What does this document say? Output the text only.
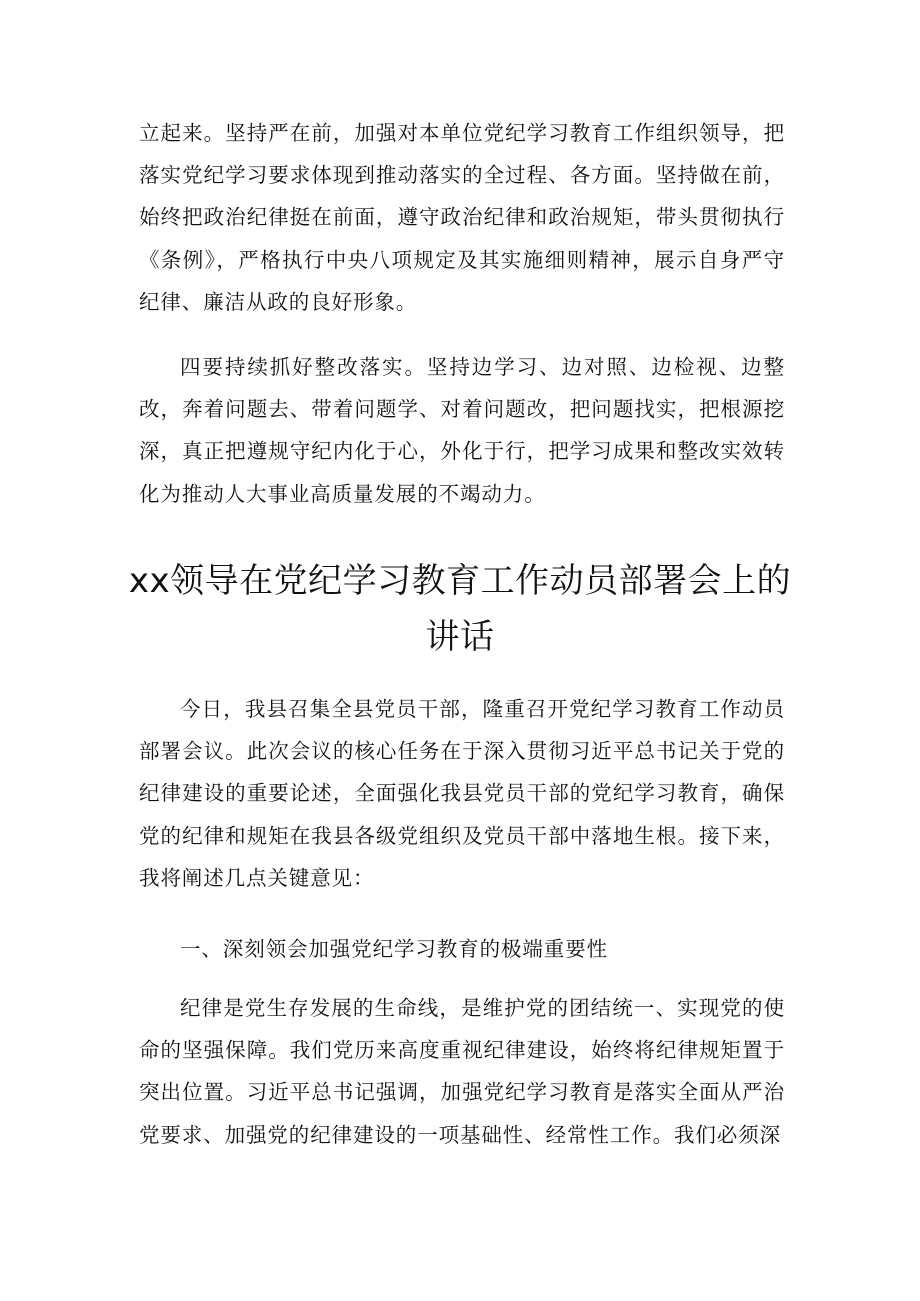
立起来。坚持严在前，加强对本单位党纪学习教育工作组织领导，把落实党纪学习要求体现到推动落实的全过程、各方面。坚持做在前，始终把政治纪律挺在前面，遵守政治纪律和政治规矩，带头贯彻执行《条例》，严格执行中央八项规定及其实施细则精神，展示自身严守纪律、廉洁从政的良好形象。

四要持续抓好整改落实。坚持边学习、边对照、边检视、边整改，奔着问题去、带着问题学、对着问题改，把问题找实，把根源挖深，真正把遵规守纪内化于心，外化于行，把学习成果和整改实效转化为推动人大事业高质量发展的不竭动力。

xx领导在党纪学习教育工作动员部署会上的讲话

今日，我县召集全县党员干部，隆重召开党纪学习教育工作动员部署会议。此次会议的核心任务在于深入贯彻习近平总书记关于党的纪律建设的重要论述，全面强化我县党员干部的党纪学习教育，确保党的纪律和规矩在我县各级党组织及党员干部中落地生根。接下来，我将阐述几点关键意见：

一、深刻领会加强党纪学习教育的极端重要性

纪律是党生存发展的生命线，是维护党的团结统一、实现党的使命的坚强保障。我们党历来高度重视纪律建设，始终将纪律规矩置于突出位置。习近平总书记强调，加强党纪学习教育是落实全面从严治党要求、加强党的纪律建设的一项基础性、经常性工作。我们必须深
